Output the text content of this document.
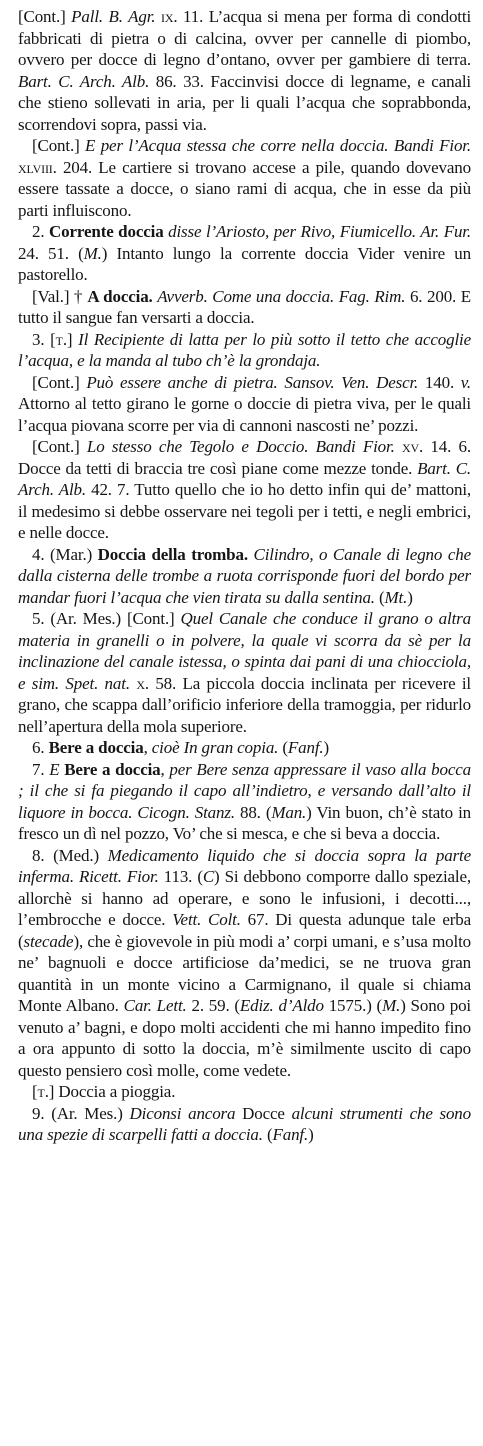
[Cont.] Pall. B. Agr. ix. 11. L’acqua si mena per forma di condotti fabbricati di pietra o di calcina, ovver per cannelle di piombo, ovvero per docce di legno d’ontano, ovver per gambiere di terra. Bart. C. Arch. Alb. 86. 33. Faccinvisi docce di legname, e canali che stieno sollevati in aria, per li quali l’acqua che soprabbonda, scorrendovi sopra, passi via.

[Cont.] E per l’Acqua stessa che corre nella doccia. Bandi Fior. xlviii. 204. Le cartiere si trovano accese a pile, quando dovevano essere tassate a docce, o siano rami di acqua, che in esse da più parti influiscono.

2. Corrente doccia disse l’Ariosto, per Rivo, Fiumicello. Ar. Fur. 24. 51. (M.) Intanto lungo la corrente doccia Vider venire un pastorello.

[Val.] † A doccia. Avverb. Come una doccia. Fag. Rim. 6. 200. E tutto il sangue fan versarti a doccia.

3. [t.] Il Recipiente di latta per lo più sotto il tetto che accoglie l’acqua, e la manda al tubo ch’è la grondaja.

[Cont.] Può essere anche di pietra. Sansov. Ven. Descr. 140. v. Attorno al tetto girano le gorne o doccie di pietra viva, per le quali l’acqua piovana scorre per via di cannoni nascosti ne’ pozzi.

[Cont.] Lo stesso che Tegolo e Doccio. Bandi Fior. xv. 14. 6. Docce da tetti di braccia tre così piane come mezze tonde. Bart. C. Arch. Alb. 42. 7. Tutto quello che io ho detto infin qui de’ mattoni, il medesimo si debbe osservare nei tegoli per i tetti, e negli embrici, e nelle docce.

4. (Mar.) Doccia della tromba. Cilindro, o Canale di legno che dalla cisterna delle trombe a ruota corrisponde fuori del bordo per mandar fuori l’acqua che vien tirata su dalla sentina. (Mt.)

5. (Ar. Mes.) [Cont.] Quel Canale che conduce il grano o altra materia in granelli o in polvere, la quale vi scorra da sè per la inclinazione del canale istessa, o spinta dai pani di una chiocciola, e sim. Spet. nat. x. 58. La piccola doccia inclinata per ricevere il grano, che scappa dall’orificio inferiore della tramoggia, per ridurlo nell’apertura della mola superiore.

6. Bere a doccia, cioè In gran copia. (Fanf.)

7. E Bere a doccia, per Bere senza appressare il vaso alla bocca ; il che si fa piegando il capo all’indietro, e versando dall’alto il liquore in bocca. Cicogn. Stanz. 88. (Man.) Vin buon, ch’è stato in fresco un dì nel pozzo, Vo’ che si mesca, e che si beva a doccia.

8. (Med.) Medicamento liquido che si doccia sopra la parte inferma. Ricett. Fior. 113. (C) Si debbono comporre dallo speziale, allorchè si hanno ad operare, e sono le infusioni, i decotti..., l’embrocche e docce. Vett. Colt. 67. Di questa adunque tale erba (stecade), che è giovevole in più modi a’ corpi umani, e s’usa molto ne’ bagnuoli e docce artificiose da’medici, se ne truova gran quantità in un monte vicino a Carmignano, il quale si chiama Monte Albano. Car. Lett. 2. 59. (Ediz. d’Aldo 1575.) (M.) Sono poi venuto a’ bagni, e dopo molti accidenti che mi hanno impedito fino a ora appunto di sotto la doccia, m’è similmente uscito di capo questo pensiero così molle, come vedete.

[t.] Doccia a pioggia.

9. (Ar. Mes.) Diconsi ancora Docce alcuni strumenti che sono una spezie di scarpelli fatti a doccia. (Fanf.)
